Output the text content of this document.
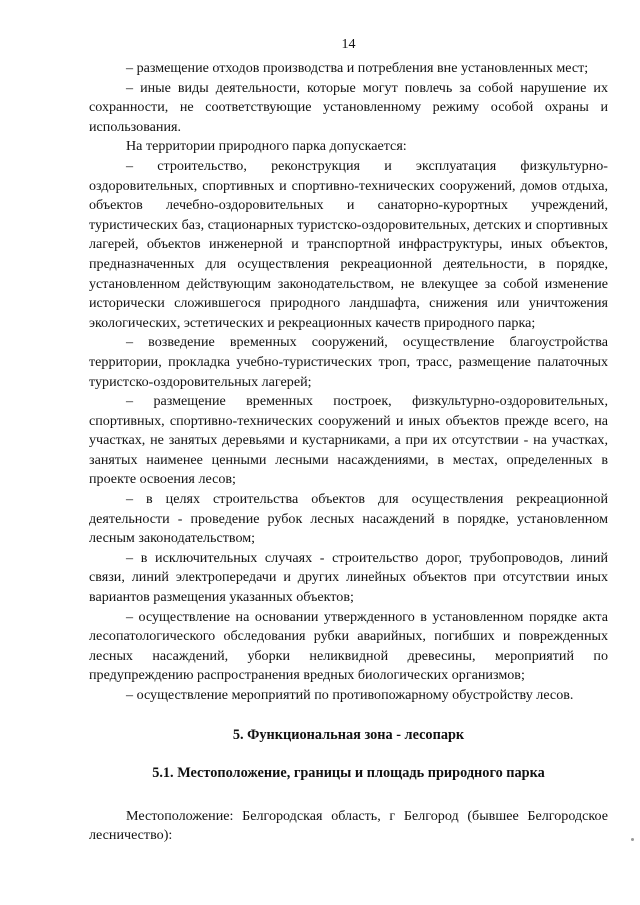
14

– размещение отходов производства и потребления вне установленных мест;

– иные виды деятельности, которые могут повлечь за собой нарушение их сохранности, не соответствующие установленному режиму особой охраны и использования.

На территории природного парка допускается:

– строительство, реконструкция и эксплуатация физкультурно-оздоровительных, спортивных и спортивно-технических сооружений, домов отдыха, объектов лечебно-оздоровительных и санаторно-курортных учреждений, туристических баз, стационарных туристско-оздоровительных, детских и спортивных лагерей, объектов инженерной и транспортной инфраструктуры, иных объектов, предназначенных для осуществления рекреационной деятельности, в порядке, установленном действующим законодательством, не влекущее за собой изменение исторически сложившегося природного ландшафта, снижения или уничтожения экологических, эстетических и рекреационных качеств природного парка;

– возведение временных сооружений, осуществление благоустройства территории, прокладка учебно-туристических троп, трасс, размещение палаточных туристско-оздоровительных лагерей;

– размещение временных построек, физкультурно-оздоровительных, спортивных, спортивно-технических сооружений и иных объектов прежде всего, на участках, не занятых деревьями и кустарниками, а при их отсутствии - на участках, занятых наименее ценными лесными насаждениями, в местах, определенных в проекте освоения лесов;

– в целях строительства объектов для осуществления рекреационной деятельности - проведение рубок лесных насаждений в порядке, установленном лесным законодательством;

– в исключительных случаях - строительство дорог, трубопроводов, линий связи, линий электропередачи и других линейных объектов при отсутствии иных вариантов размещения указанных объектов;

– осуществление на основании утвержденного в установленном порядке акта лесопатологического обследования рубки аварийных, погибших и поврежденных лесных насаждений, уборки неликвидной древесины, мероприятий по предупреждению распространения вредных биологических организмов;

– осуществление мероприятий по противопожарному обустройству лесов.

5. Функциональная зона - лесопарк
5.1. Местоположение, границы и площадь природного парка

Местоположение: Белгородская область, г Белгород (бывшее Белгородское лесничество):
